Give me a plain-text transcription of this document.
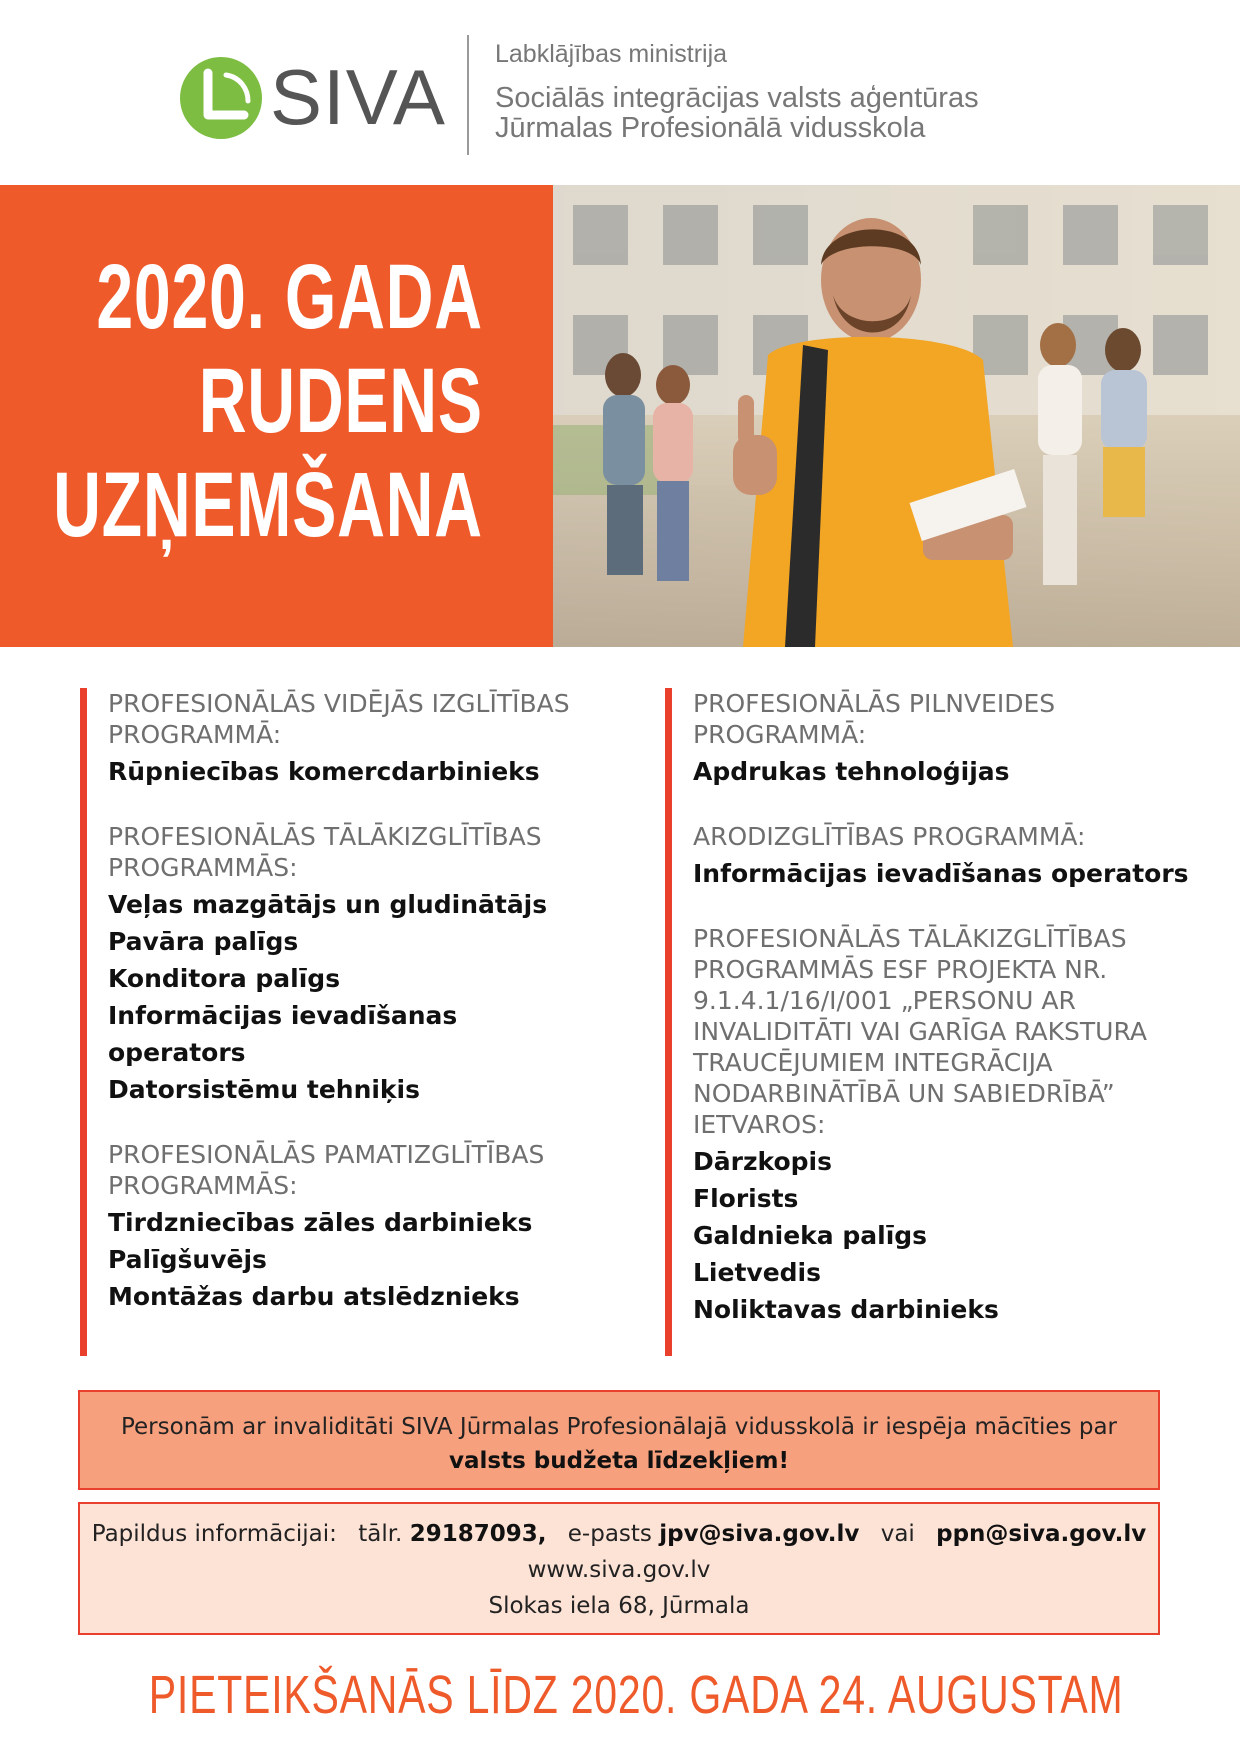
SIVA Labklājības ministrija
Sociālās integrācijas valsts aģentūras
Jūrmalas Profesionālā vidusskola
2020. GADA
RUDENS
UZŅEMŠANA
PROFESIONĀLĀS VIDĒJĀS IZGLĪTĪBAS
PROGRAMMĀ:
Rūpniecības komercdarbinieks
PROFESIONĀLĀS TĀLĀKIZGLĪTĪBAS
PROGRAMMĀS:
Veļas mazgātājs un gludinātājs
Pavāra palīgs
Konditora palīgs
Informācijas ievadīšanas
operators
Datorsistēmu tehniķis
PROFESIONĀLĀS PAMATIZGLĪTĪBAS
PROGRAMMĀS:
Tirdzniecības zāles darbinieks
Palīgšuvējs
Montāžas darbu atslēdznieks
PROFESIONĀLĀS PILNVEIDES
PROGRAMMĀ:
Apdrukas tehnoloģijas
ARODIZGLĪTĪBAS PROGRAMMĀ:
Informācijas ievadīšanas operators
PROFESIONĀLĀS TĀLĀKIZGLĪTĪBAS
PROGRAMMĀS ESF PROJEKTA NR.
9.1.4.1/16/I/001 „PERSONU AR
INVALIDITĀTI VAI GARĪGA RAKSTURA
TRAUCĒJUMIEM INTEGRĀCIJA
NODARBINĀTĪBĀ UN SABIEDRĪBĀ”
IETVAROS:
Dārzkopis
Florists
Galdnieka palīgs
Lietvedis
Noliktavas darbinieks
Personām ar invaliditāti SIVA Jūrmalas Profesionālajā vidusskolā ir iespēja mācīties par
valsts budžeta līdzekļiem!
Papildus informācijai: tālr. 29187093, e-pasts jpv@siva.gov.lv vai ppn@siva.gov.lv
www.siva.gov.lv
Slokas iela 68, Jūrmala
PIETEIKŠANĀS LĪDZ 2020. GADA 24. AUGUSTAM
